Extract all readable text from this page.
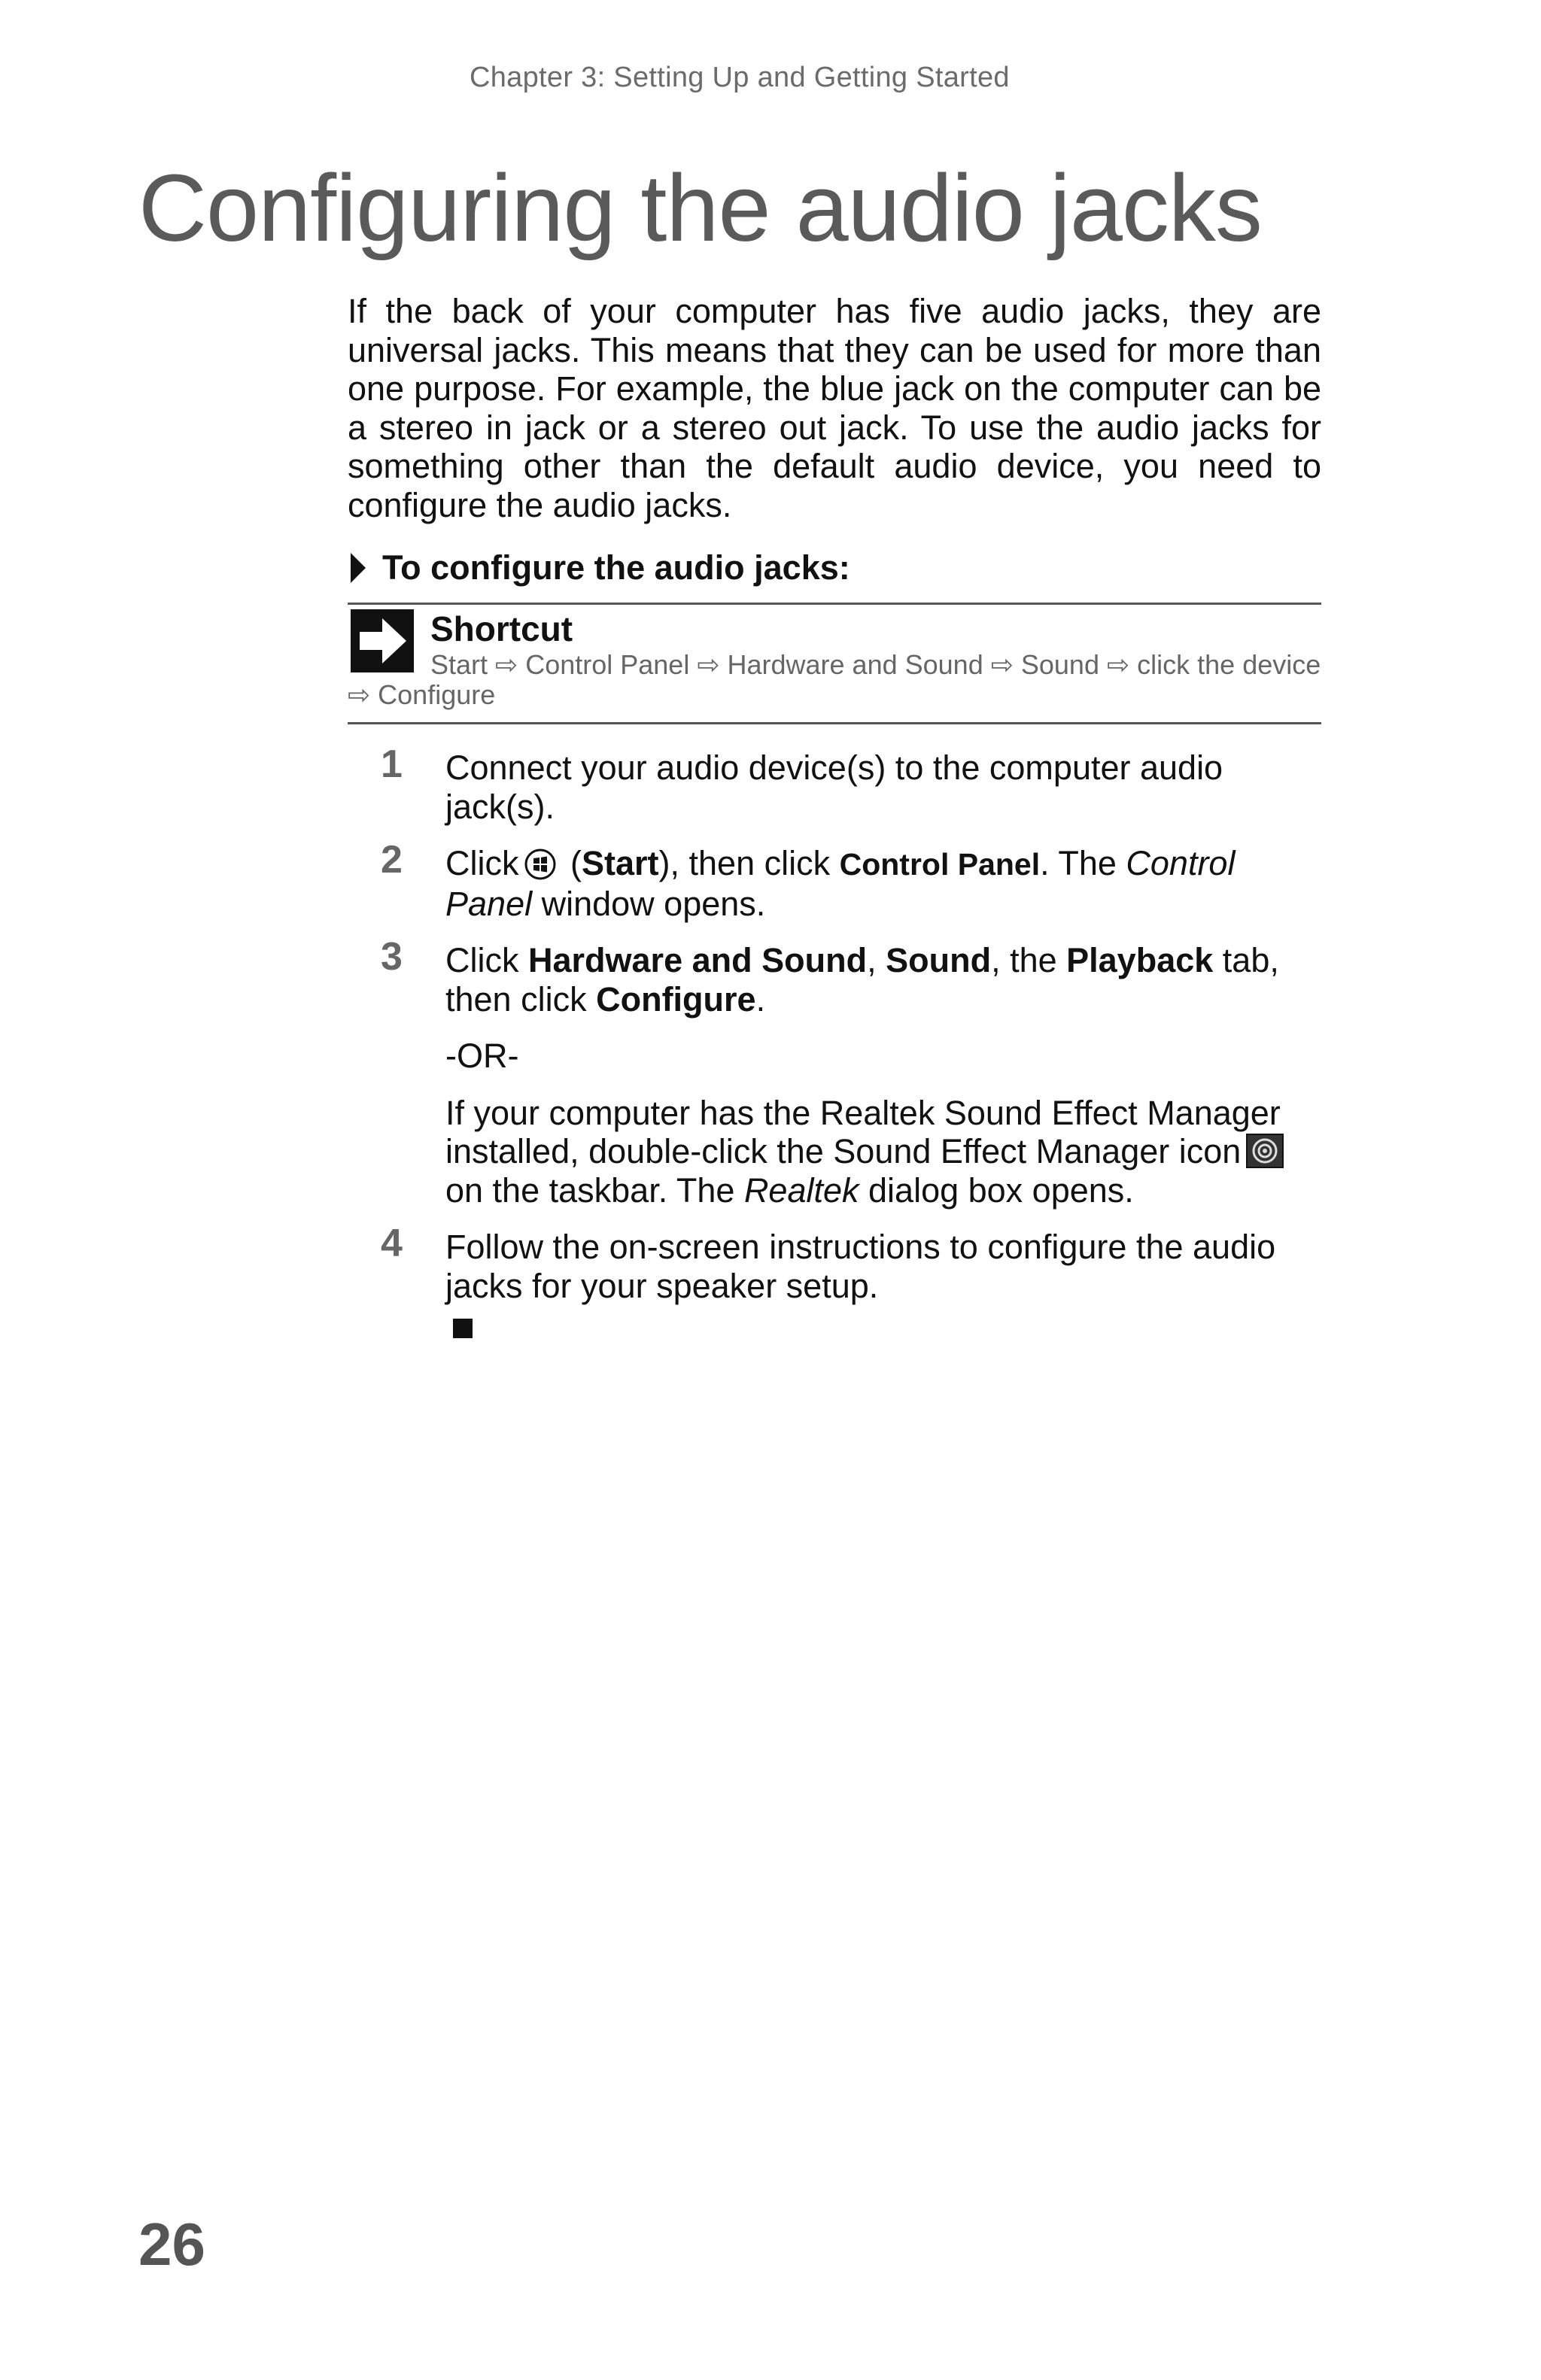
Chapter 3: Setting Up and Getting Started
Configuring the audio jacks

If the back of your computer has five audio jacks, they are universal jacks. This means that they can be used for more than one purpose. For example, the blue jack on the computer can be a stereo in jack or a stereo out jack. To use the audio jacks for something other than the default audio device, you need to configure the audio jacks.

To configure the audio jacks:
Shortcut
Start ⇨ Control Panel ⇨ Hardware and Sound ⇨ Sound ⇨ click the device ⇨ Configure
1 Connect your audio device(s) to the computer audio jack(s).

2 Click (Start), then click Control Panel. The Control Panel window opens.

3 Click Hardware and Sound, Sound, the Playback tab, then click Configure.

-OR-

If your computer has the Realtek Sound Effect Manager installed, double-click the Sound Effect Manager icon on the taskbar. The Realtek dialog box opens.

4 Follow the on-screen instructions to configure the audio jacks for your speaker setup.

26
